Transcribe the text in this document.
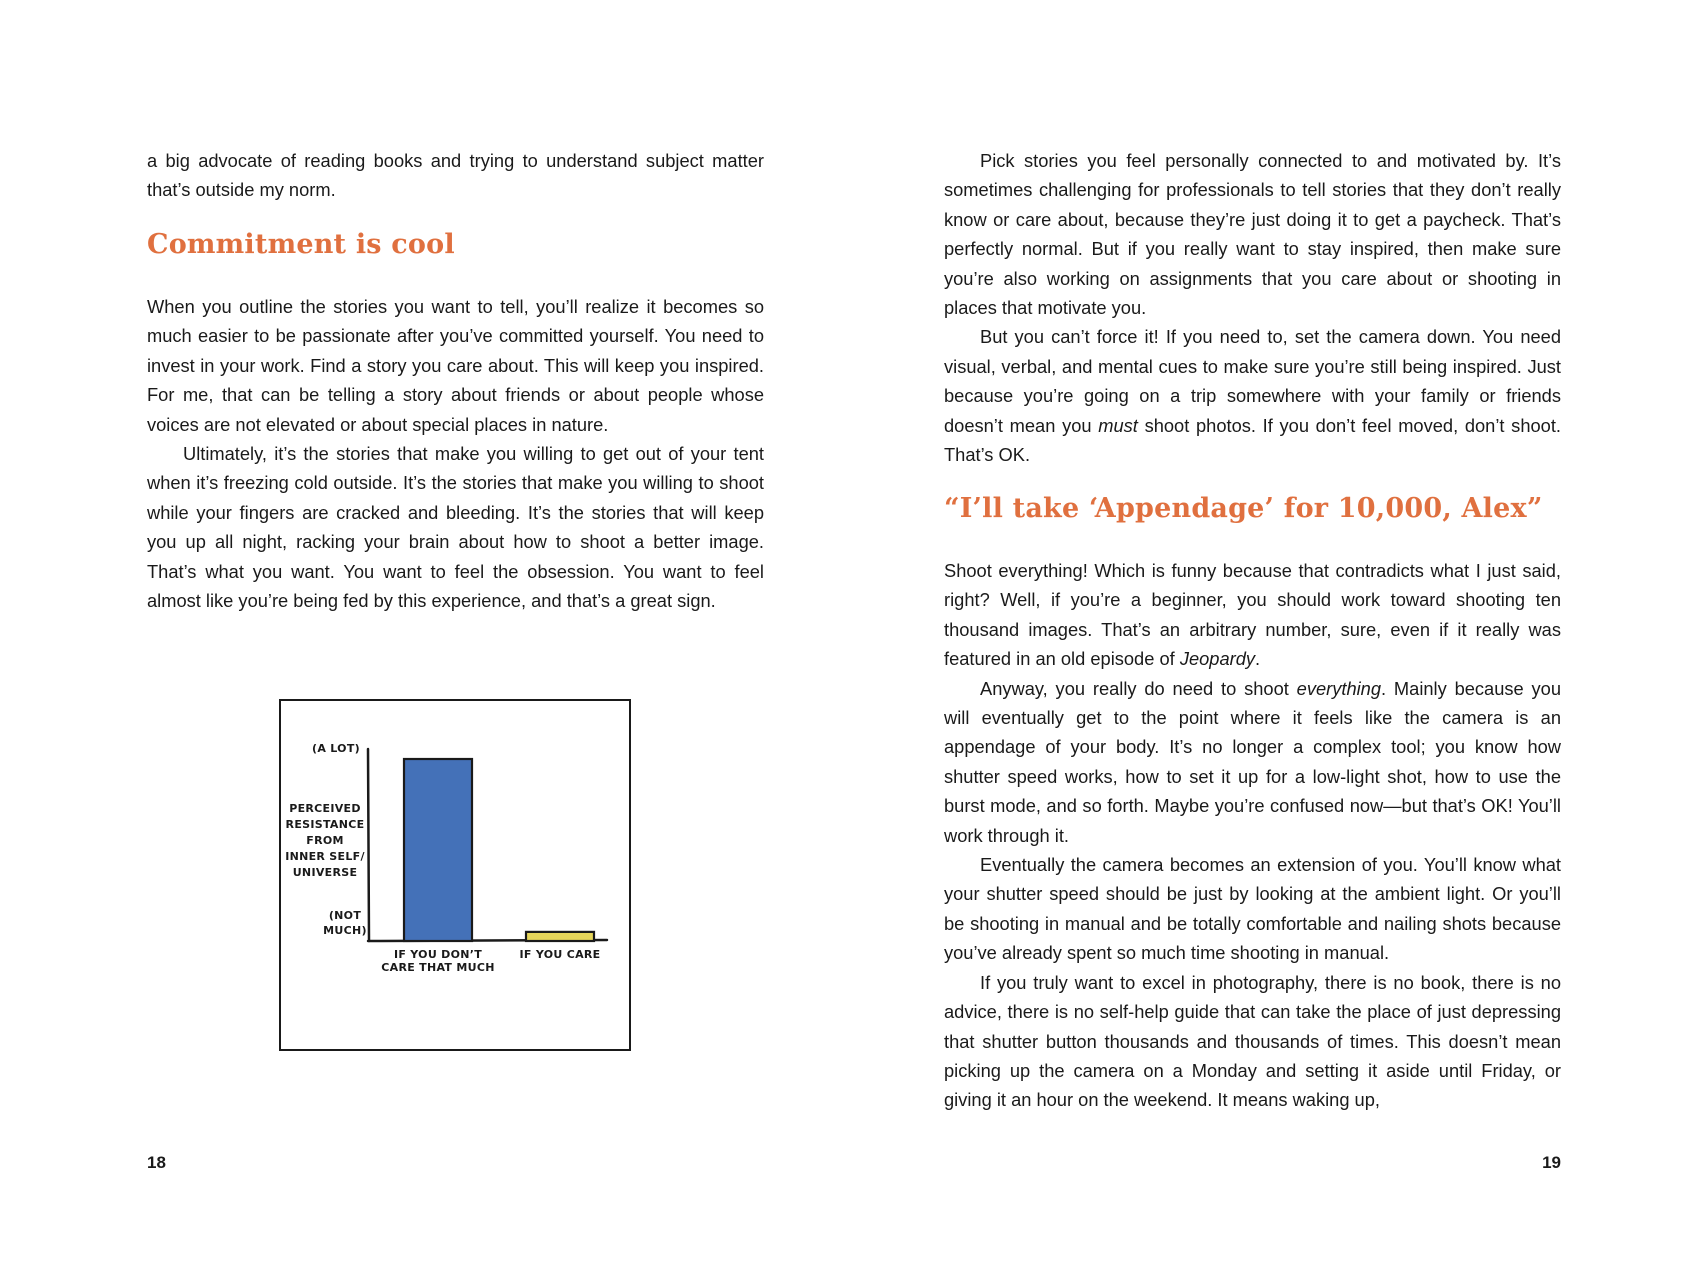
a big advocate of reading books and trying to understand subject matter that’s outside my norm.

Commitment is cool

When you outline the stories you want to tell, you’ll realize it becomes so much easier to be passionate after you’ve committed yourself. You need to invest in your work. Find a story you care about. This will keep you inspired. For me, that can be telling a story about friends or about people whose voices are not elevated or about special places in nature.

Ultimately, it’s the stories that make you willing to get out of your tent when it’s freezing cold outside. It’s the stories that make you willing to shoot while your fingers are cracked and bleeding. It’s the stories that will keep you up all night, racking your brain about how to shoot a better image. That’s what you want. You want to feel the obsession. You want to feel almost like you’re being fed by this experience, and that’s a great sign.

(A LOT)
(NOT
MUCH)
PERCEIVED
RESISTANCE
FROM
INNER SELF/
UNIVERSE
IF YOU DON’T
CARE THAT MUCH
IF YOU CARE
18

Pick stories you feel personally connected to and motivated by. It’s sometimes challenging for professionals to tell stories that they don’t really know or care about, because they’re just doing it to get a paycheck. That’s perfectly normal. But if you really want to stay inspired, then make sure you’re also working on assignments that you care about or shooting in places that motivate you.

But you can’t force it! If you need to, set the camera down. You need visual, verbal, and mental cues to make sure you’re still being inspired. Just because you’re going on a trip somewhere with your family or friends doesn’t mean you must shoot photos. If you don’t feel moved, don’t shoot. That’s OK.

“I’ll take ‘Appendage’ for 10,000, Alex”

Shoot everything! Which is funny because that contradicts what I just said, right? Well, if you’re a beginner, you should work toward shooting ten thousand images. That’s an arbitrary number, sure, even if it really was featured in an old episode of Jeopardy.

Anyway, you really do need to shoot everything. Mainly because you will eventually get to the point where it feels like the camera is an appendage of your body. It’s no longer a complex tool; you know how shutter speed works, how to set it up for a low-light shot, how to use the burst mode, and so forth. Maybe you’re confused now—but that’s OK! You’ll work through it.

Eventually the camera becomes an extension of you. You’ll know what your shutter speed should be just by looking at the ambient light. Or you’ll be shooting in manual and be totally comfortable and nailing shots because you’ve already spent so much time shooting in manual.

If you truly want to excel in photography, there is no book, there is no advice, there is no self-help guide that can take the place of just depressing that shutter button thousands and thousands of times. This doesn’t mean picking up the camera on a Monday and setting it aside until Friday, or giving it an hour on the weekend. It means waking up,

19
